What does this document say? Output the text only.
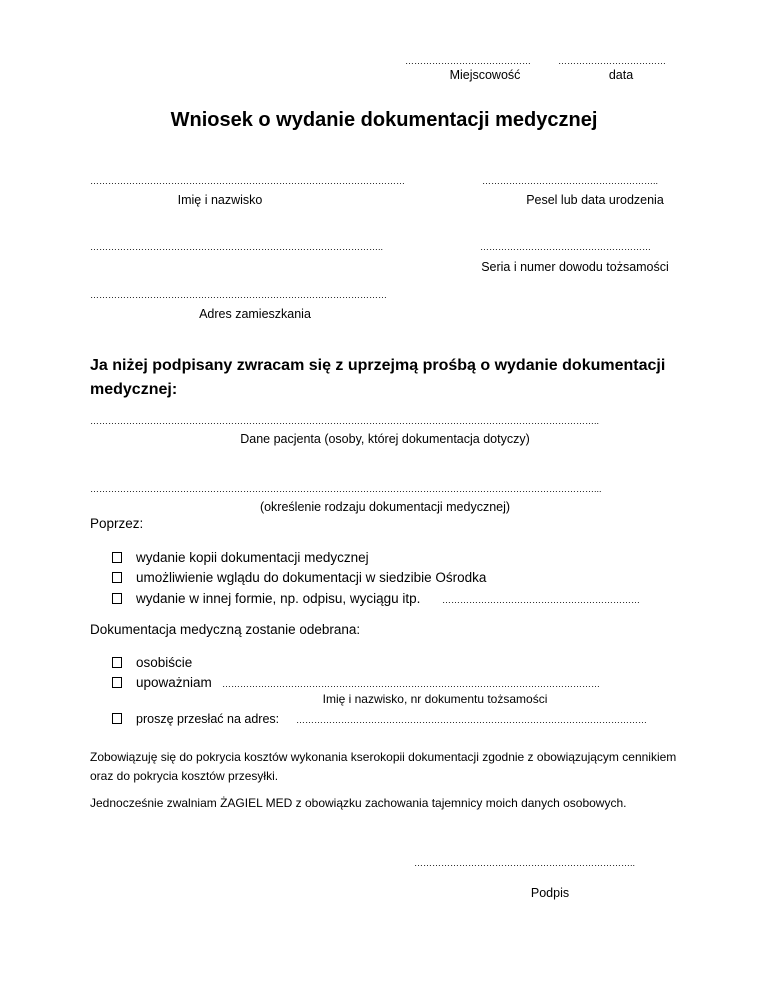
……………………………………	………………………………
Miejscowość	data
Wniosek o wydanie dokumentacji medycznej
……………………………………………………………………………………………	…………………………………………………..
Imię i nazwisko	Pesel lub data urodzenia
……………………………………………………………………………………..	…………………………………………………
Seria i numer dowodu tożsamości
………………………………………………………………………………………
Adres zamieszkania
Ja niżej podpisany zwracam się z uprzejmą prośbą o wydanie dokumentacji medycznej:
……………………………………………………………………………………………………………………………………………………..
Dane pacjenta (osoby, której dokumentacja dotyczy)
……………………………………………………………………………………………………………………………………………………...
(określenie rodzaju dokumentacji medycznej)
Poprzez:
wydanie kopii dokumentacji medycznej
umożliwienie wglądu do dokumentacji w siedzibie Ośrodka
wydanie w innej formie, np. odpisu, wyciągu itp. …………………………………………………………
Dokumentacja medyczną zostanie odebrana:
osobiście
upoważniam ………………………………………………………………………………………………………………
Imię i nazwisko, nr dokumentu tożsamości
proszę przesłać na adres: ………………………………………………………………………………………………………
Zobowiązuję się do pokrycia kosztów wykonania kserokopii dokumentacji zgodnie z obowiązującym cennikiem oraz do pokrycia kosztów przesyłki.
Jednocześnie zwalniam ŻAGIEL MED z obowiązku zachowania tajemnicy moich danych osobowych.
………………………………………………………………..
Podpis
